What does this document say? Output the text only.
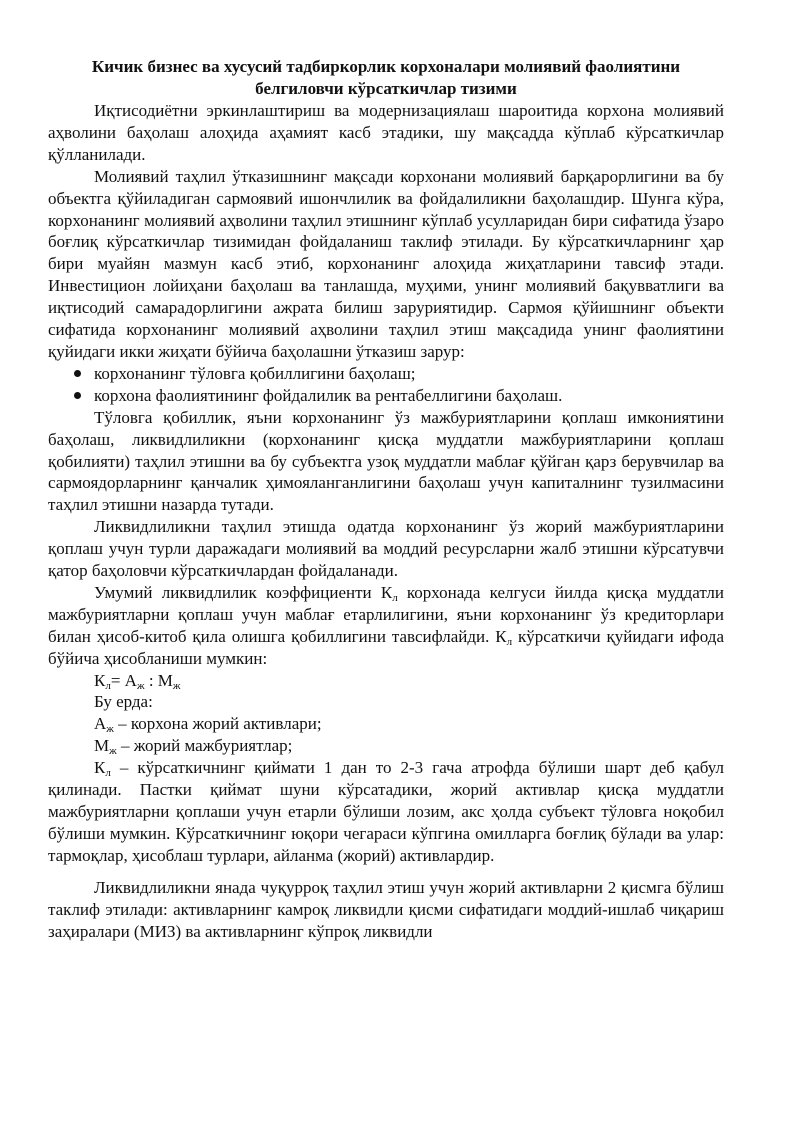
Кичик бизнес ва хусусий тадбиркорлик корхоналари молиявий фаолиятини
белгиловчи кўрсаткичлар тизими

Иқтисодиётни эркинлаштириш ва модернизациялаш шароитида корхона молиявий аҳволини баҳолаш алоҳида аҳамият касб этадики, шу мақсадда кўплаб кўрсаткичлар қўлланилади.

Молиявий таҳлил ўтказишнинг мақсади корхонани молиявий барқарорлигини ва бу объектга қўйиладиган сармоявий ишончлилик ва фойдалиликни баҳолашдир. Шунга кўра, корхонанинг молиявий аҳволини таҳлил этишнинг кўплаб усулларидан бири сифатида ўзаро боғлиқ кўрсаткичлар тизимидан фойдаланиш таклиф этилади. Бу кўрсаткичларнинг ҳар бири муайян мазмун касб этиб, корхонанинг алоҳида жиҳатларини тавсиф этади. Инвестицион лойиҳани баҳолаш ва танлашда, муҳими, унинг молиявий бақувватлиги ва иқтисодий самарадорлигини ажрата билиш заруриятидир. Сармоя қўйишнинг объекти сифатида корхонанинг молиявий аҳволини таҳлил этиш мақсадида унинг фаолиятини қуйидаги икки жиҳати бўйича баҳолашни ўтказиш зарур:

корхонанинг тўловга қобиллигини баҳолаш;
корхона фаолиятининг фойдалилик ва рентабеллигини баҳолаш.

Тўловга қобиллик, яъни корхонанинг ўз мажбуриятларини қоплаш имкониятини баҳолаш, ликвидлиликни (корхонанинг қисқа муддатли мажбуриятларини қоплаш қобилияти) таҳлил этишни ва бу субъектга узоқ муддатли маблағ қўйган қарз берувчилар ва сармоядорларнинг қанчалик ҳимояланганлигини баҳолаш учун капиталнинг тузилмасини таҳлил этишни назарда тутади.

Ликвидлиликни таҳлил этишда одатда корхонанинг ўз жорий мажбуриятларини қоплаш учун турли даражадаги молиявий ва моддий ресурсларни жалб этишни кўрсатувчи қатор баҳоловчи кўрсаткичлардан фойдаланади.

Умумий ликвидлилик коэффициенти $К_л$ корхонада келгуси йилда қисқа муддатли мажбуриятларни қоплаш учун маблағ етарлилигини, яъни корхонанинг ўз кредиторлари билан ҳисоб-китоб қила олишга қобиллигини тавсифлайди. $К_л$ кўрсаткичи қуйидаги ифода бўйича ҳисобланиши мумкин:

$К_л= А_ж$ : $М_ж$

Бу ерда:

$А_ж$ – корхона жорий активлари;

$М_ж$ – жорий мажбуриятлар;

$К_л$ – кўрсаткичнинг қиймати 1 дан то 2-3 гача атрофда бўлиши шарт деб қабул қилинади. Пастки қиймат шуни кўрсатадики, жорий активлар қисқа муддатли мажбуриятларни қоплаши учун етарли бўлиши лозим, акс ҳолда субъект тўловга ноқобил бўлиши мумкин. Кўрсаткичнинг юқори чегараси кўпгина омилларга боғлиқ бўлади ва улар: тармоқлар, ҳисоблаш турлари, айланма (жорий) активлардир.

Ликвидлиликни янада чуқурроқ таҳлил этиш учун жорий активларни 2 қисмга бўлиш таклиф этилади: активларнинг камроқ ликвидли қисми сифатидаги моддий-ишлаб чиқариш заҳиралари (МИЗ) ва активларнинг кўпроқ ликвидли
